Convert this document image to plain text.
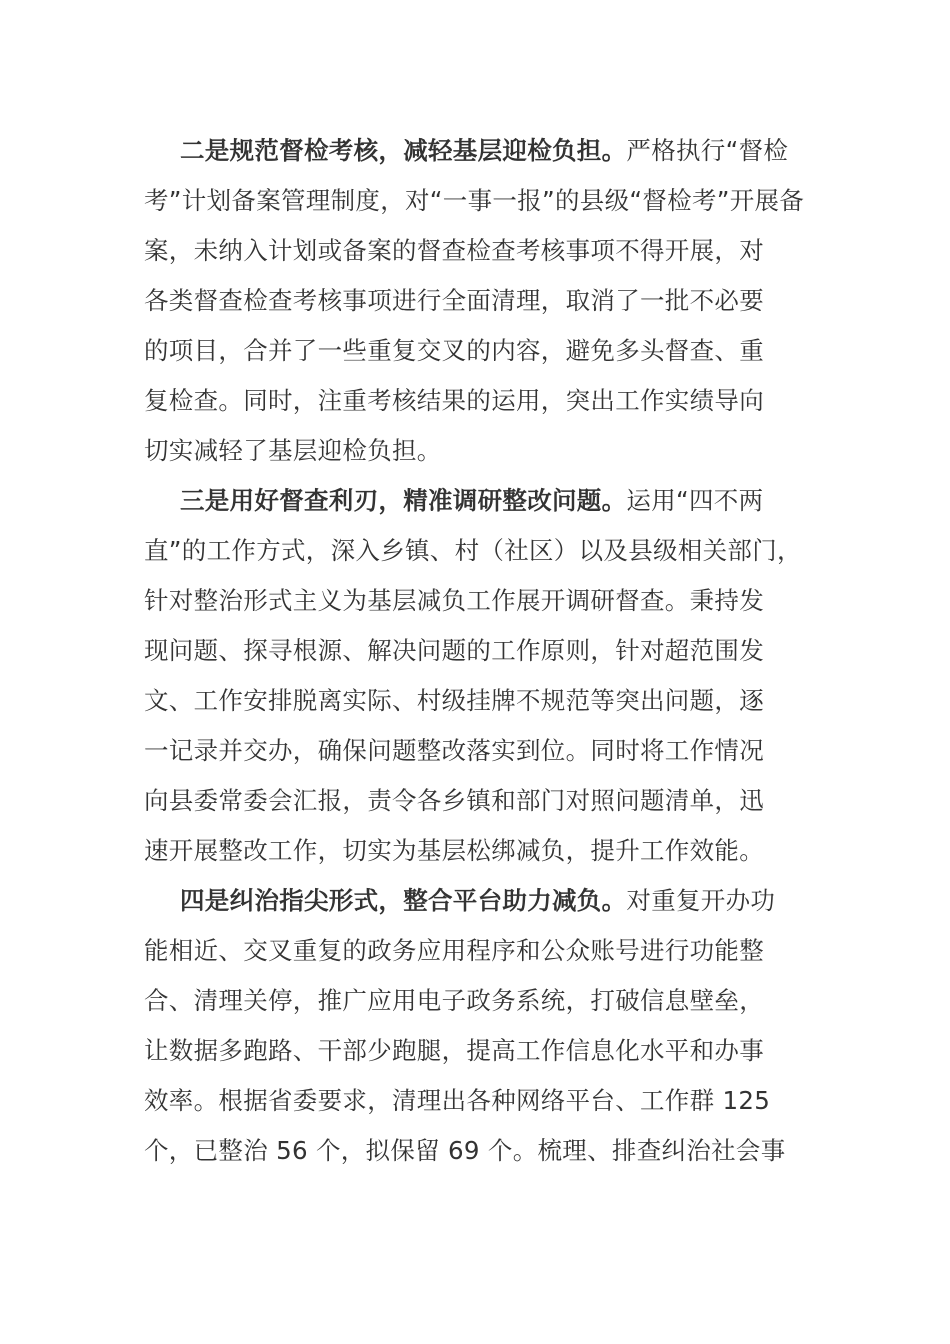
二是规范督检考核，减轻基层迎检负担。严格执行“督检
考”计划备案管理制度，对“一事一报”的县级“督检考”开展备
案，未纳入计划或备案的督查检查考核事项不得开展，对
各类督查检查考核事项进行全面清理，取消了一批不必要
的项目，合并了一些重复交叉的内容，避免多头督查、重
复检查。同时，注重考核结果的运用，突出工作实绩导向
切实减轻了基层迎检负担。

三是用好督查利刃，精准调研整改问题。运用“四不两
直”的工作方式，深入乡镇、村（社区）以及县级相关部门，
针对整治形式主义为基层减负工作展开调研督查。秉持发
现问题、探寻根源、解决问题的工作原则，针对超范围发
文、工作安排脱离实际、村级挂牌不规范等突出问题，逐
一记录并交办，确保问题整改落实到位。同时将工作情况
向县委常委会汇报，责令各乡镇和部门对照问题清单，迅
速开展整改工作，切实为基层松绑减负，提升工作效能。

四是纠治指尖形式，整合平台助力减负。对重复开办功
能相近、交叉重复的政务应用程序和公众账号进行功能整
合、清理关停，推广应用电子政务系统，打破信息壁垒，
让数据多跑路、干部少跑腿，提高工作信息化水平和办事
效率。根据省委要求，清理出各种网络平台、工作群 125
个，已整治 56 个，拟保留 69 个。梳理、排查纠治社会事
